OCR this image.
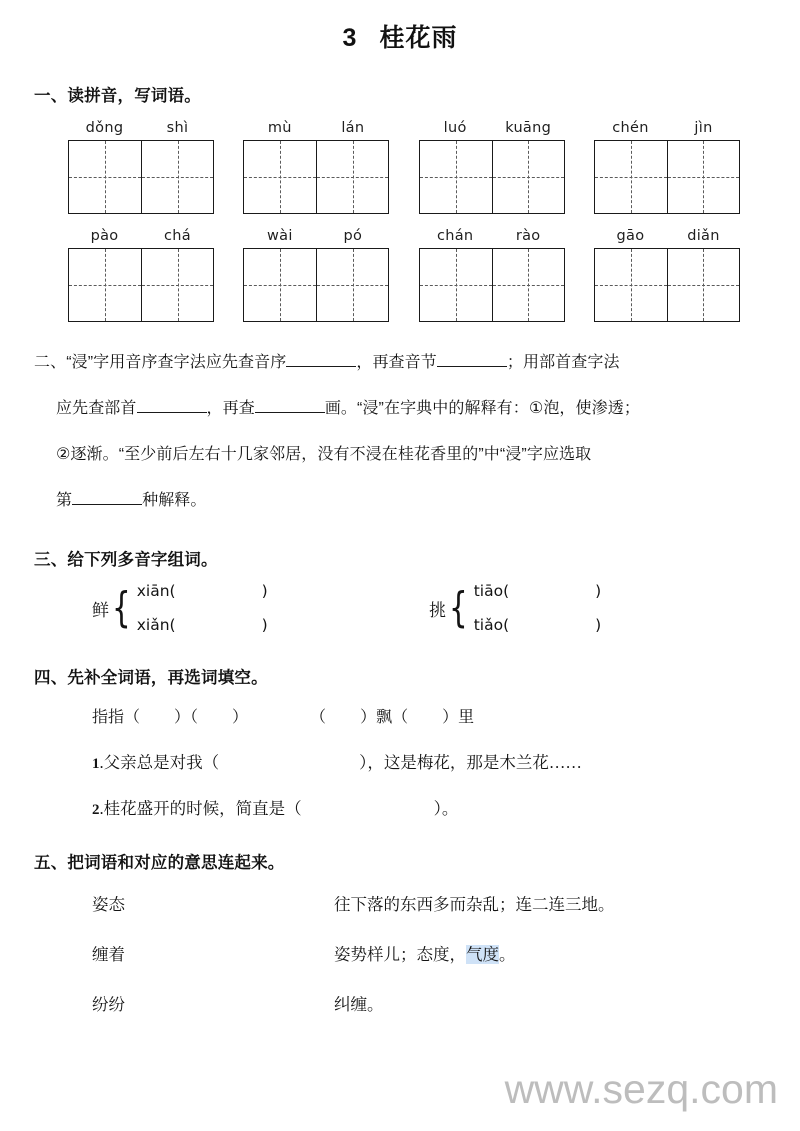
3 桂花雨
一、读拼音，写词语。
dǒng	shì	mù	lán	luó	kuāng	chén	jìn
pào	chá	wài	pó	chán	rào	gāo	diǎn
二、“浸”字用音序查字法应先查音序	，再查音节	；用部首查字法
应先查部首	，再查	画。“浸”在字典中的解释有：①泡，使渗透；
②逐渐。“至少前后左右十几家邻居，没有不浸在桂花香里的”中“浸”字应选取
第	种解释。
三、给下列多音字组词。
鲜 { xiān(	)
xiǎn(	)
挑 { tiāo(	)
tiǎo(	)
四、先补全词语，再选词填空。
指指（ ）（ ）	（ ）飘（ ）里
1.父亲总是对我（	），这是梅花，那是木兰花……
2.桂花盛开的时候，简直是（	）。
五、把词语和对应的意思连起来。
姿态	往下落的东西多而杂乱；连二连三地。
缠着	姿势样儿；态度，气度。
纷纷	纠缠。
www.sezq.com
